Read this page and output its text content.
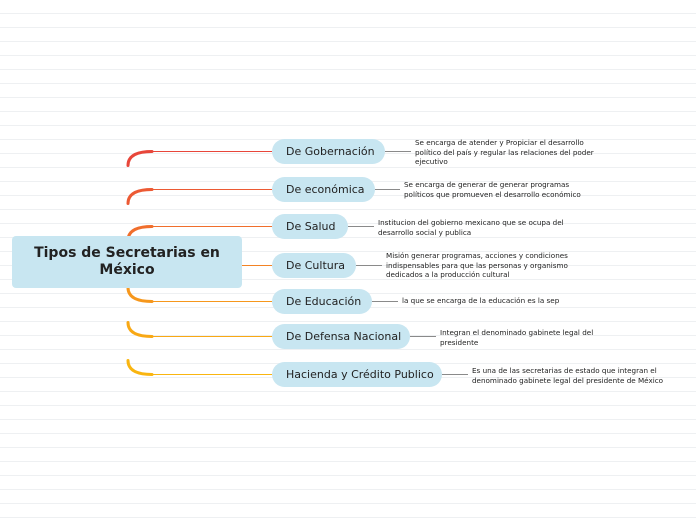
Tipos de Secretarias en México
De Gobernación
Se encarga de atender y Propiciar el desarrollo
político del país y regular las relaciones del poder
ejecutivo
De económica	Se encarga de generar de generar programas
políticos que promueven el desarrollo económico
De Salud	Institucion del gobierno mexicano que se ocupa del
desarrollo social y publica
De Cultura
Misión generar programas, acciones y condiciones
indispensables para que las personas y organismo
dedicados a la producción cultural
De Educación	la que se encarga de la educación es la sep
De Defensa Nacional	Integran el denominado gabinete legal del
presidente
Hacienda y Crédito Publico	Es una de las secretarias de estado que integran el
denominado gabinete legal del presidente de México
